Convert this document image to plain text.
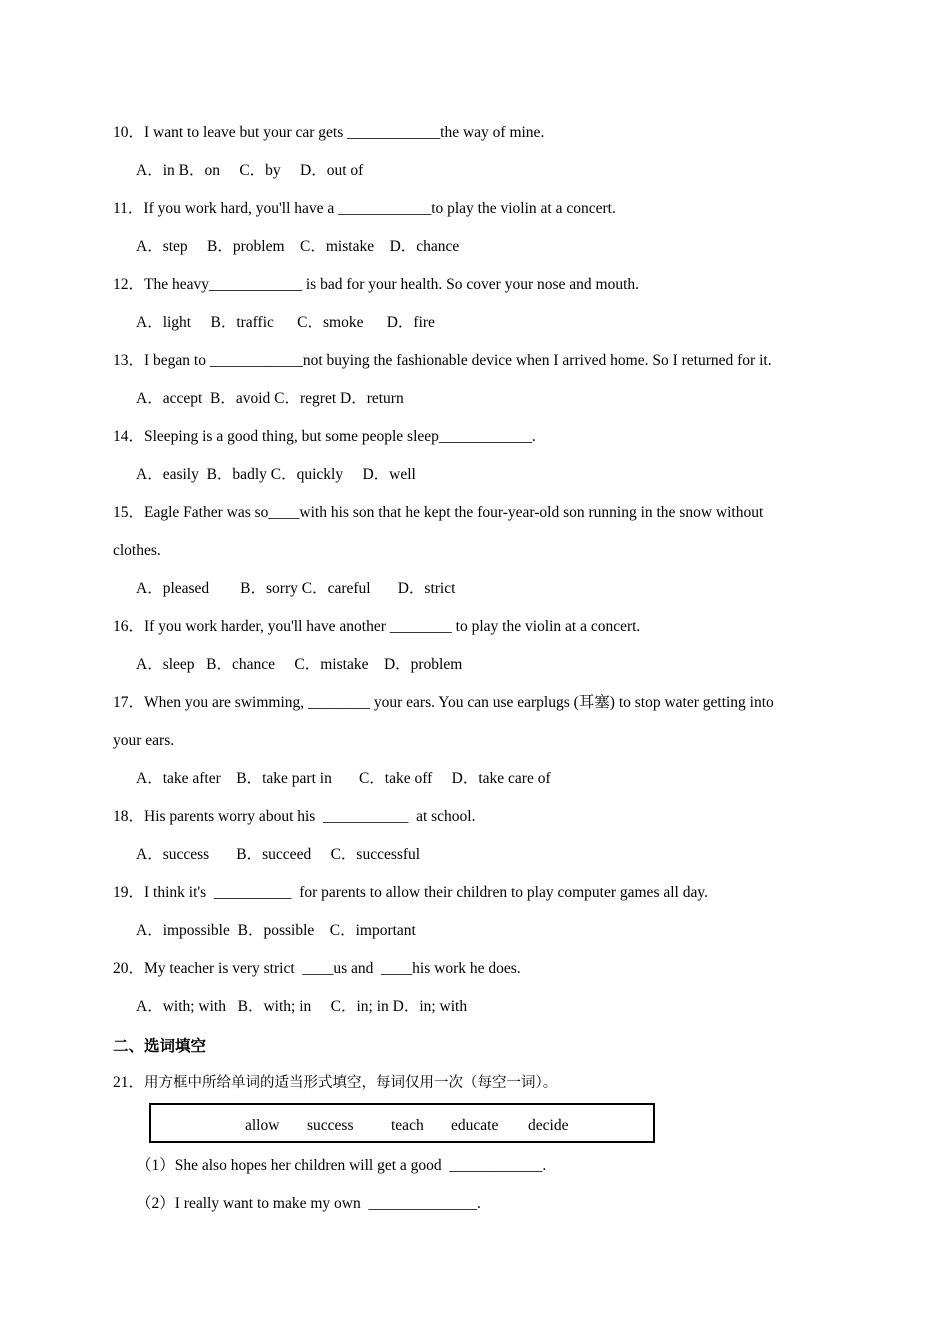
10．I want to leave but your car gets ____________the way of mine.
A．in B．on     C．by     D．out of
11．If you work hard, you'll have a ____________to play the violin at a concert.
A．step     B．problem    C．mistake    D．chance
12．The heavy____________ is bad for your health. So cover your nose and mouth.
A．light     B．traffic      C．smoke      D．fire
13．I began to ____________not buying the fashionable device when I arrived home. So I returned for it.
A．accept  B．avoid C．regret D．return
14．Sleeping is a good thing, but some people sleep____________.
A．easily  B．badly C．quickly     D．well
15．Eagle Father was so____with his son that he kept the four-year-old son running in the snow without
clothes.
A．pleased        B．sorry C．careful       D．strict
16．If you work harder, you'll have another ________ to play the violin at a concert.
A．sleep   B．chance     C．mistake    D．problem
17．When you are swimming, ________ your ears. You can use earplugs (耳塞) to stop water getting into
your ears.
A．take after    B．take part in       C．take off     D．take care of
18．His parents worry about his  ___________  at school.
A．success       B．succeed     C．successful
19．I think it's  __________  for parents to allow their children to play computer games all day.
A．impossible  B．possible    C．important
20．My teacher is very strict  ____us and  ____his work he does.
A．with; with   B．with; in     C．in; in D．in; with
二、选词填空
21．用方框中所给单词的适当形式填空，每词仅用一次（每空一词）。
allow success teach educate decide
（1）She also hopes her children will get a good  ____________.
（2）I really want to make my own  ______________.
